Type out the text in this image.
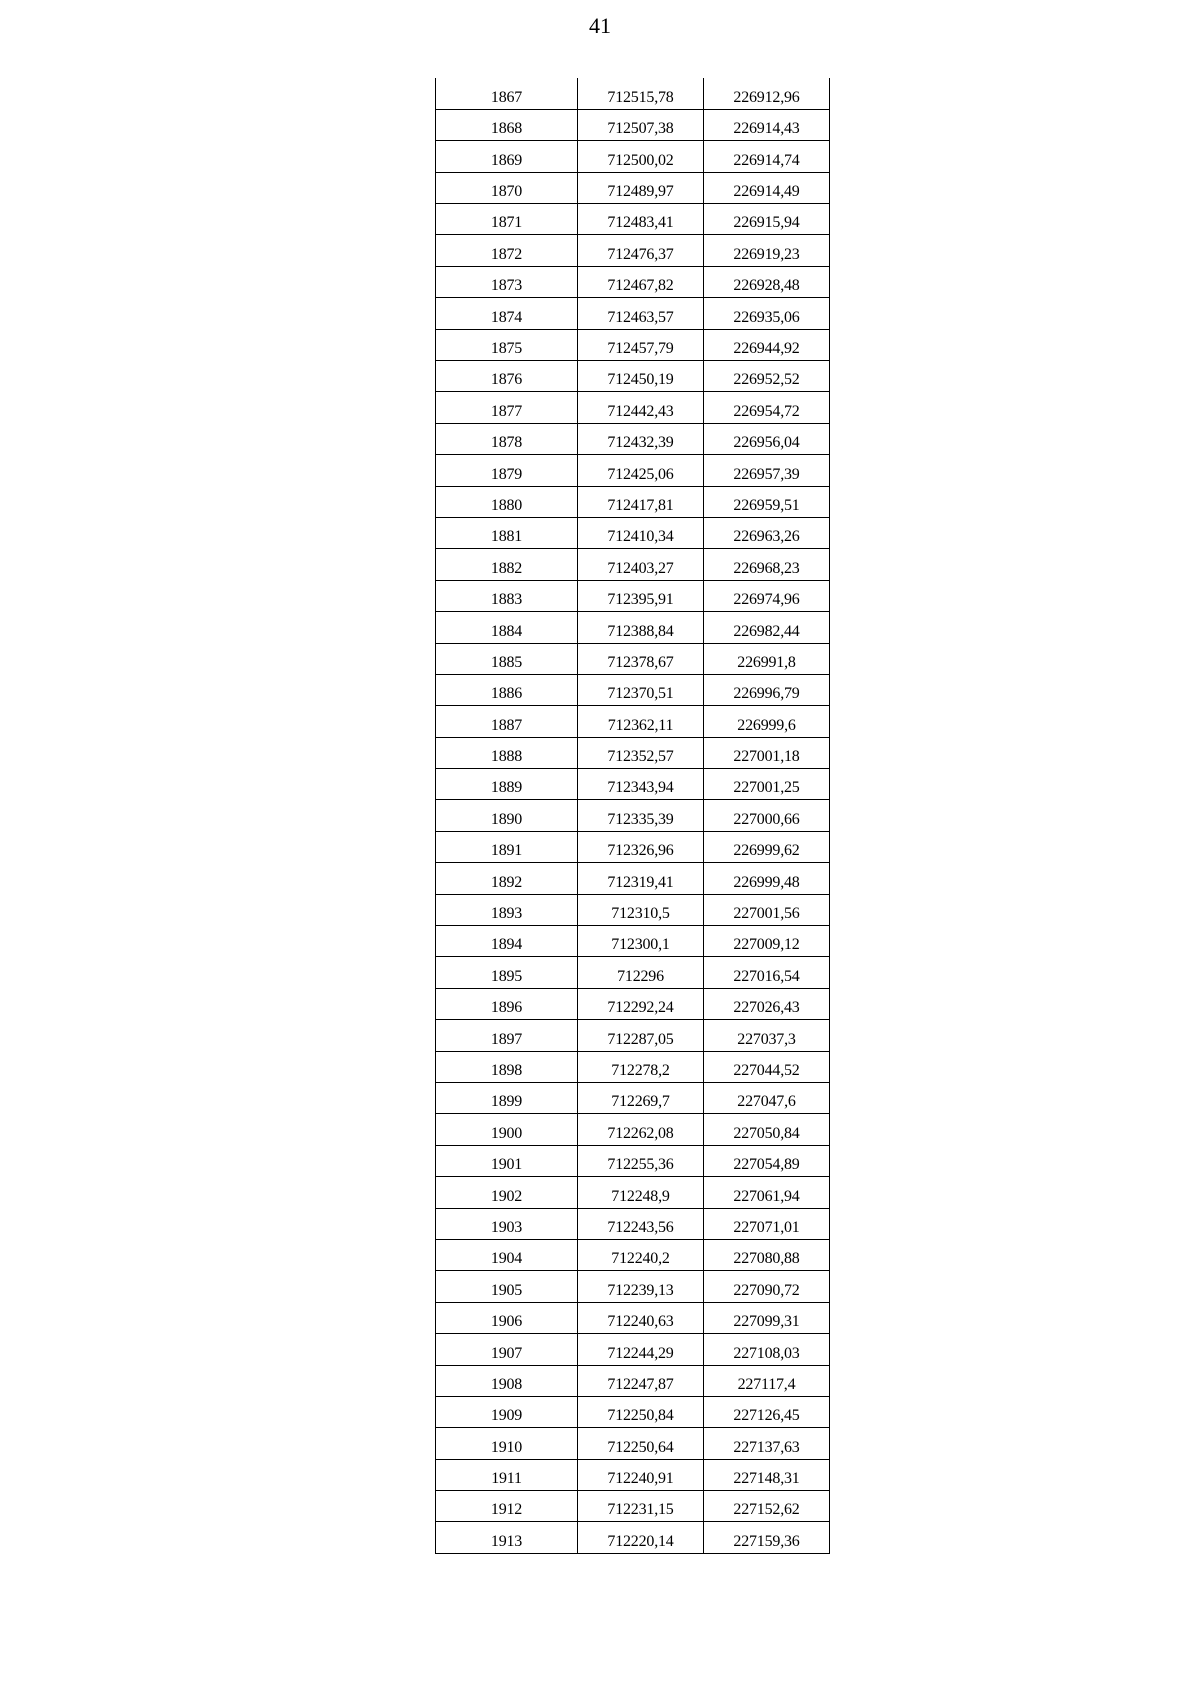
41
1867	712515,78	226912,96
1868	712507,38	226914,43
1869	712500,02	226914,74
1870	712489,97	226914,49
1871	712483,41	226915,94
1872	712476,37	226919,23
1873	712467,82	226928,48
1874	712463,57	226935,06
1875	712457,79	226944,92
1876	712450,19	226952,52
1877	712442,43	226954,72
1878	712432,39	226956,04
1879	712425,06	226957,39
1880	712417,81	226959,51
1881	712410,34	226963,26
1882	712403,27	226968,23
1883	712395,91	226974,96
1884	712388,84	226982,44
1885	712378,67	226991,8
1886	712370,51	226996,79
1887	712362,11	226999,6
1888	712352,57	227001,18
1889	712343,94	227001,25
1890	712335,39	227000,66
1891	712326,96	226999,62
1892	712319,41	226999,48
1893	712310,5	227001,56
1894	712300,1	227009,12
1895	712296	227016,54
1896	712292,24	227026,43
1897	712287,05	227037,3
1898	712278,2	227044,52
1899	712269,7	227047,6
1900	712262,08	227050,84
1901	712255,36	227054,89
1902	712248,9	227061,94
1903	712243,56	227071,01
1904	712240,2	227080,88
1905	712239,13	227090,72
1906	712240,63	227099,31
1907	712244,29	227108,03
1908	712247,87	227117,4
1909	712250,84	227126,45
1910	712250,64	227137,63
1911	712240,91	227148,31
1912	712231,15	227152,62
1913	712220,14	227159,36
